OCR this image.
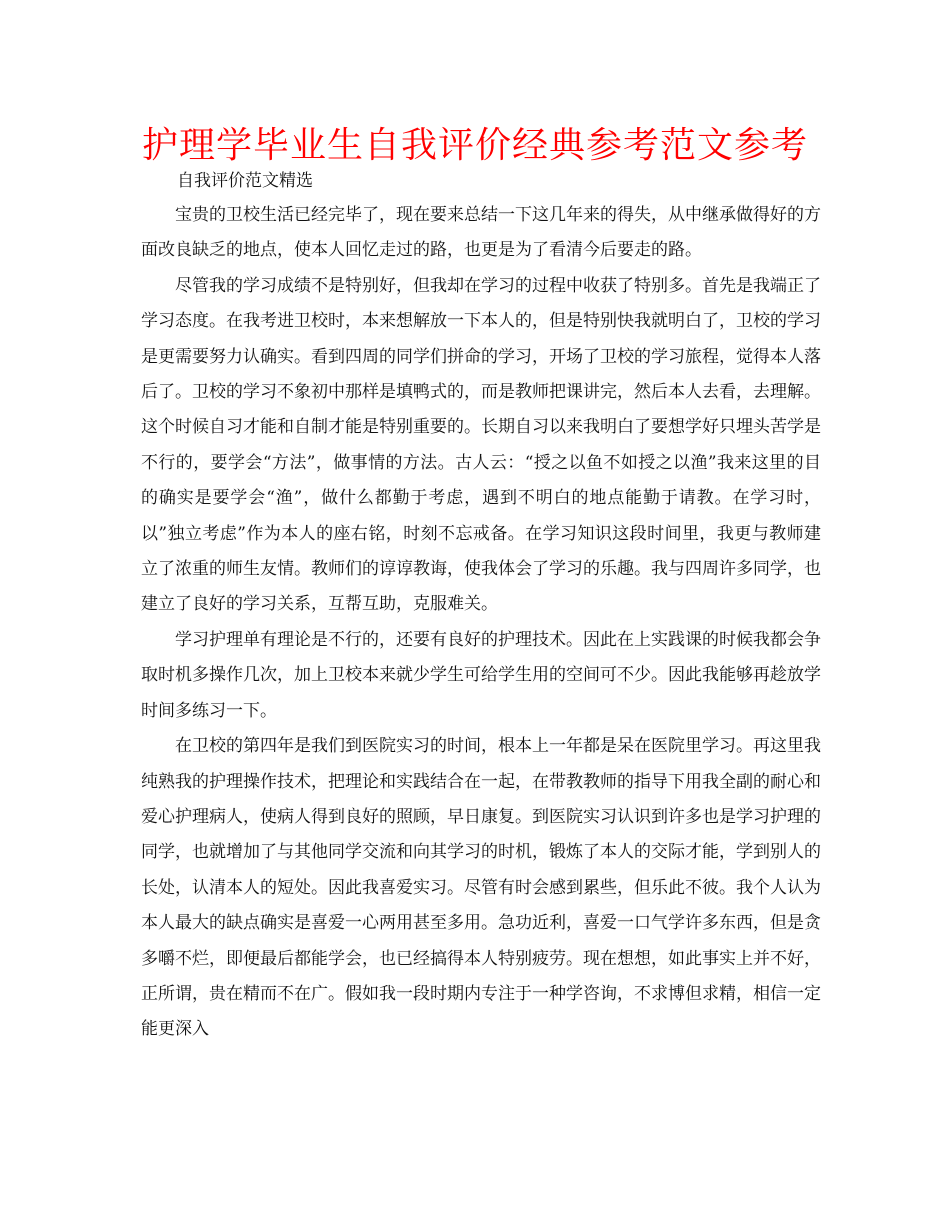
护理学毕业生自我评价经典参考范文参考
自我评价范文精选

宝贵的卫校生活已经完毕了，现在要来总结一下这几年来的得失，从中继承做得好的方面改良缺乏的地点，使本人回忆走过的路，也更是为了看清今后要走的路。

尽管我的学习成绩不是特别好，但我却在学习的过程中收获了特别多。首先是我端正了学习态度。在我考进卫校时，本来想解放一下本人的，但是特别快我就明白了，卫校的学习是更需要努力认确实。看到四周的同学们拼命的学习，开场了卫校的学习旅程，觉得本人落后了。卫校的学习不象初中那样是填鸭式的，而是教师把课讲完，然后本人去看，去理解。这个时候自习才能和自制才能是特别重要的。长期自习以来我明白了要想学好只埋头苦学是不行的，要学会“方法”，做事情的方法。古人云：“授之以鱼不如授之以渔”我来这里的目的确实是要学会“渔”，做什么都勤于考虑，遇到不明白的地点能勤于请教。在学习时，以”独立考虑”作为本人的座右铭，时刻不忘戒备。在学习知识这段时间里，我更与教师建立了浓重的师生友情。教师们的谆谆教诲，使我体会了学习的乐趣。我与四周许多同学，也建立了良好的学习关系，互帮互助，克服难关。

学习护理单有理论是不行的，还要有良好的护理技术。因此在上实践课的时候我都会争取时机多操作几次，加上卫校本来就少学生可给学生用的空间可不少。因此我能够再趁放学时间多练习一下。

在卫校的第四年是我们到医院实习的时间，根本上一年都是呆在医院里学习。再这里我纯熟我的护理操作技术，把理论和实践结合在一起，在带教教师的指导下用我全副的耐心和爱心护理病人，使病人得到良好的照顾，早日康复。到医院实习认识到许多也是学习护理的同学，也就增加了与其他同学交流和向其学习的时机，锻炼了本人的交际才能，学到别人的长处，认清本人的短处。因此我喜爱实习。尽管有时会感到累些，但乐此不彼。我个人认为本人最大的缺点确实是喜爱一心两用甚至多用。急功近利，喜爱一口气学许多东西，但是贪多嚼不烂，即便最后都能学会，也已经搞得本人特别疲劳。现在想想，如此事实上并不好，正所谓，贵在精而不在广。假如我一段时期内专注于一种学咨询，不求博但求精，相信一定能更深入
